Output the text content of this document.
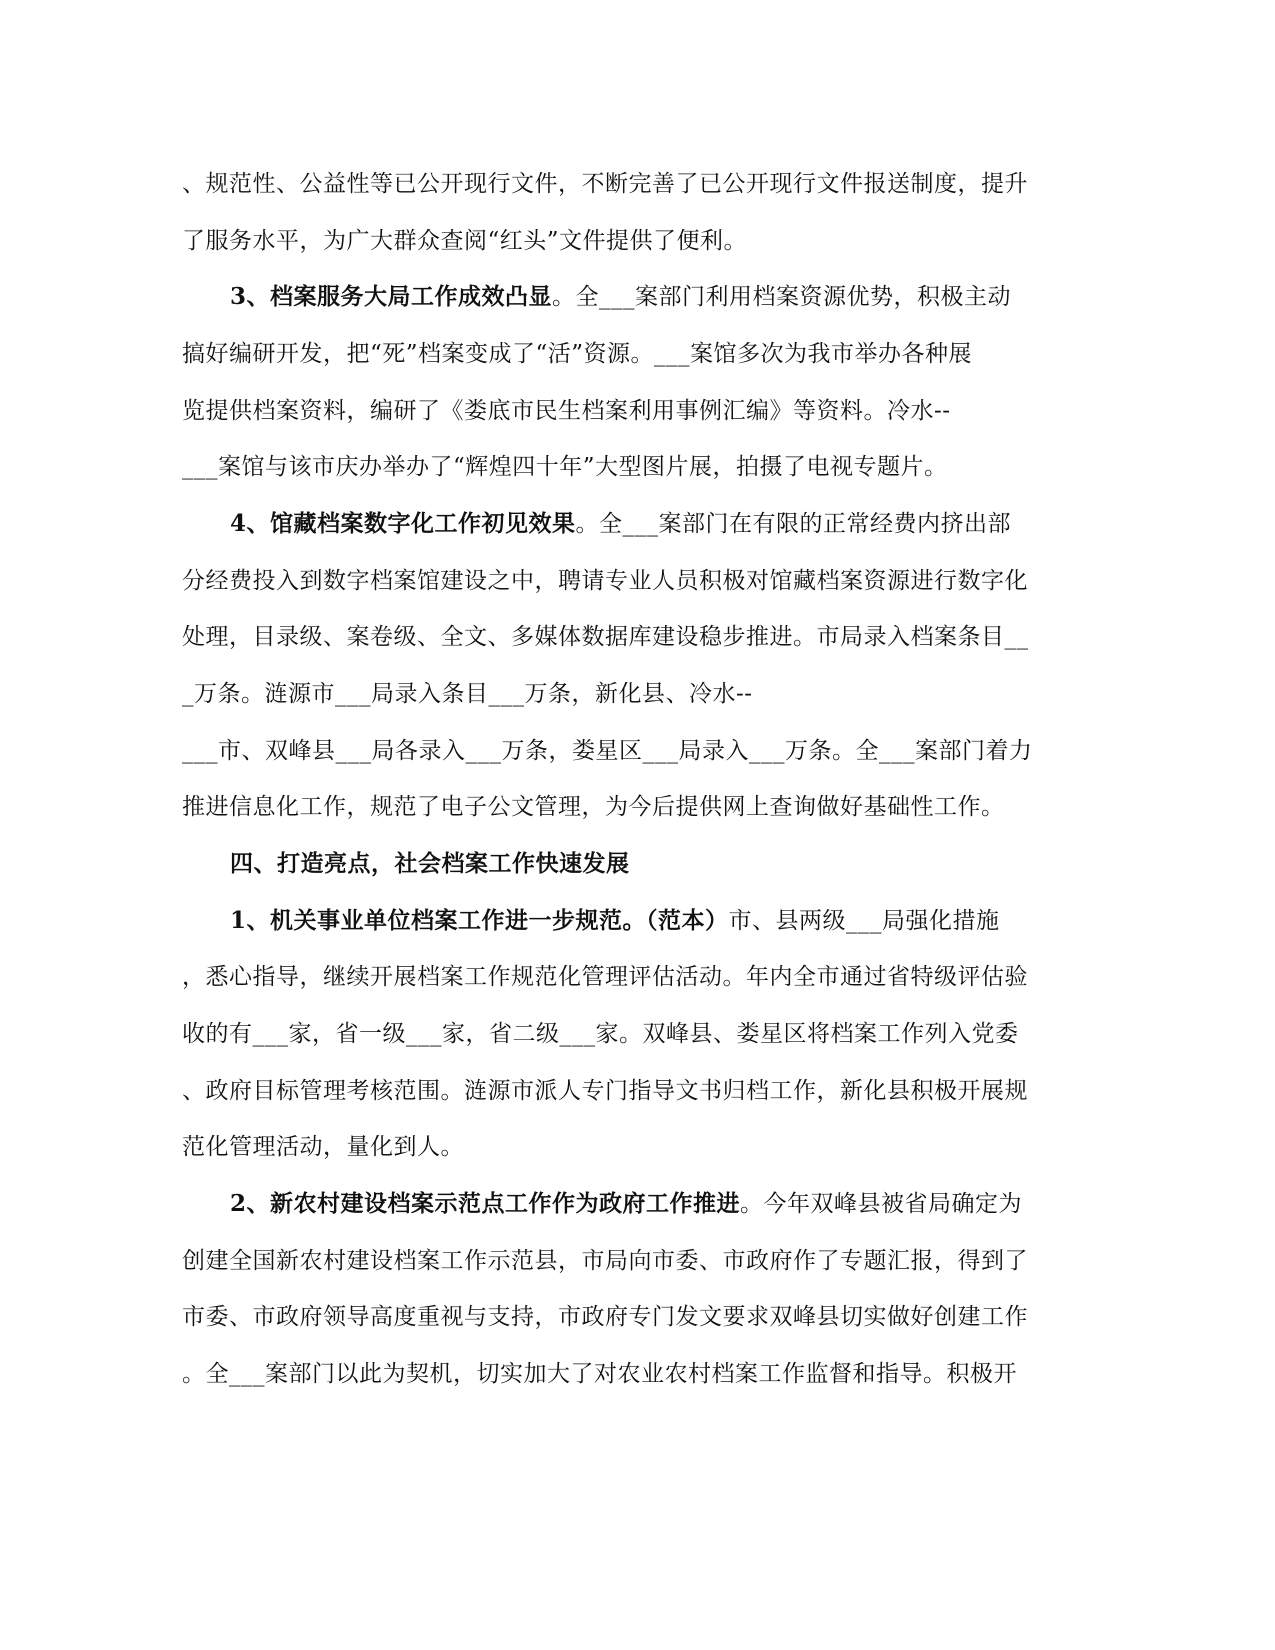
、规范性、公益性等已公开现行文件，不断完善了已公开现行文件报送制度，提升
了服务水平，为广大群众查阅“红头”文件提供了便利。
3、档案服务大局工作成效凸显。全___案部门利用档案资源优势，积极主动
搞好编研开发，把“死”档案变成了“活”资源。___案馆多次为我市举办各种展
览提供档案资料，编研了《娄底市民生档案利用事例汇编》等资料。冷水--
___案馆与该市庆办举办了“辉煌四十年”大型图片展，拍摄了电视专题片。
4、馆藏档案数字化工作初见效果。全___案部门在有限的正常经费内挤出部
分经费投入到数字档案馆建设之中，聘请专业人员积极对馆藏档案资源进行数字化
处理，目录级、案卷级、全文、多媒体数据库建设稳步推进。市局录入档案条目__
_万条。涟源市___局录入条目___万条，新化县、冷水--
___市、双峰县___局各录入___万条，娄星区___局录入___万条。全___案部门着力
推进信息化工作，规范了电子公文管理，为今后提供网上查询做好基础性工作。
四、打造亮点，社会档案工作快速发展
1、机关事业单位档案工作进一步规范。（范本）市、县两级___局强化措施
，悉心指导，继续开展档案工作规范化管理评估活动。年内全市通过省特级评估验
收的有___家，省一级___家，省二级___家。双峰县、娄星区将档案工作列入党委
、政府目标管理考核范围。涟源市派人专门指导文书归档工作，新化县积极开展规
范化管理活动，量化到人。
2、新农村建设档案示范点工作作为政府工作推进。今年双峰县被省局确定为
创建全国新农村建设档案工作示范县，市局向市委、市政府作了专题汇报，得到了
市委、市政府领导高度重视与支持，市政府专门发文要求双峰县切实做好创建工作
。全___案部门以此为契机，切实加大了对农业农村档案工作监督和指导。积极开
